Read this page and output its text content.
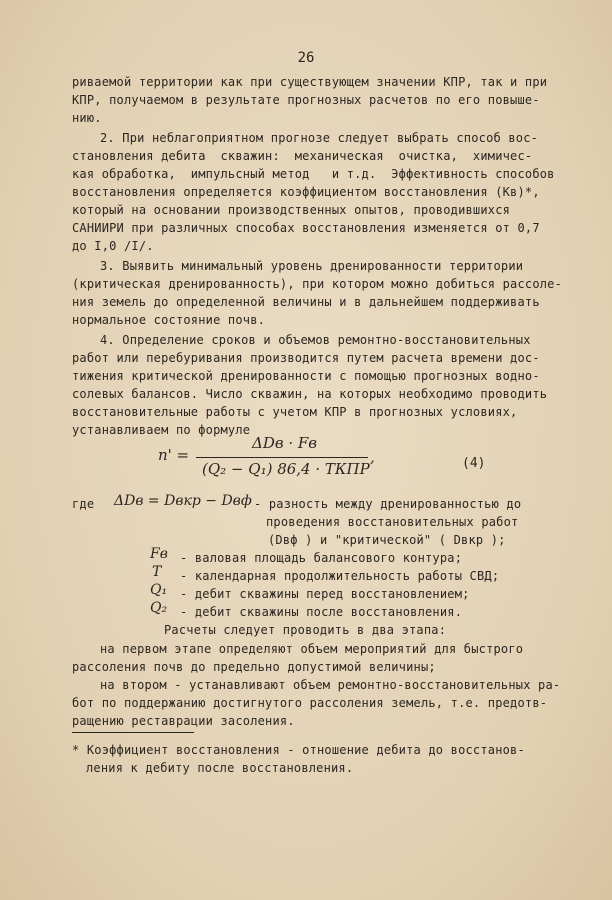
26
риваемой территории как при существующем значении КПР, так и при
КПР, получаемом в результате прогнозных расчетов по его повыше-
нию.
2. При неблагоприятном прогнозе следует выбрать способ вос-
становления дебита  скважин:  механическая  очистка,  химичес-
кая обработка,  импульсный метод   и т.д.  Эффективность способов
восстановления определяется коэффициентом восстановления (Kв)*,
который на основании производственных опытов, проводившихся
САНИИРИ при различных способах восстановления изменяется от 0,7
до I,0 /I/.
3. Выявить минимальный уровень дренированности территории
(критическая дренированность), при котором можно добиться рассоле-
ния земель до определенной величины и в дальнейшем поддерживать
нормальное состояние почв.
4. Определение сроков и объемов ремонтно-восстановительных
работ или перебуривания производится путем расчета времени дос-
тижения критической дренированности с помощью прогнозных водно-
солевых балансов. Число скважин, на которых необходимо проводить
восстановительные работы с учетом КПР в прогнозных условиях,
устанавливаем по формуле
n' =
ΔDв · Fв
(Q₂ − Q₁) 86,4 · TКПР
,	(4)
где ΔDв = Dвкр − Dвф - разность между дренированностью до
проведения восстановительных работ
(Dвф ) и "критической" ( Dвкр );
Fв - валовая площадь балансового контура;
T - календарная продолжительность работы СВД;
Q₁ - дебит скважины перед восстановлением;
Q₂ - дебит скважины после восстановления.
Расчеты следует проводить в два этапа:
на первом этапе определяют объем мероприятий для быстрого
рассоления почв до предельно допустимой величины;
на втором - устанавливают объем ремонтно-восстановительных ра-
бот по поддержанию достигнутого рассоления земель, т.е. предотв-
ращению реставрации засоления.
* Коэффициент восстановления - отношение дебита до восстанов-
ления к дебиту после восстановления.
